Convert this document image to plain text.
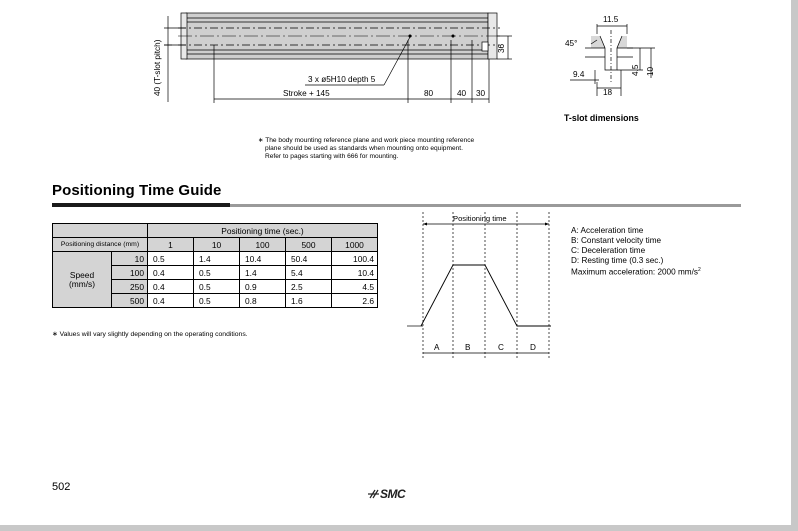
40 (T-slot pitch)	3 x ø5H10 depth 5
Stroke + 145	80	40 30
36
11.5
45°
9.4
18
4.5 10
T-slot dimensions
∗ The body mounting reference plane and work piece mounting reference
plane should be used as standards when mounting onto equipment.
Refer to pages starting with 666 for mounting.
Positioning Time Guide
		Positioning time (sec.)				
Positioning distance (mm)		1	10	100	500	1000

Speed (mm/s)	10	0.5	1.4	10.4	50.4	100.4
	100	0.4	0.5	1.4	5.4	10.4
	250	0.4	0.5	0.9	2.5	4.5
	500	0.4	0.5	0.8	1.6	2.6
∗ Values will vary slightly depending on the operating conditions.
Positioning time
A	B	C	D
A: Acceleration time
B: Constant velocity time
C: Deceleration time
D: Resting time (0.3 sec.)
Maximum acceleration: 2000 $mm/s^2$
502	SMC
